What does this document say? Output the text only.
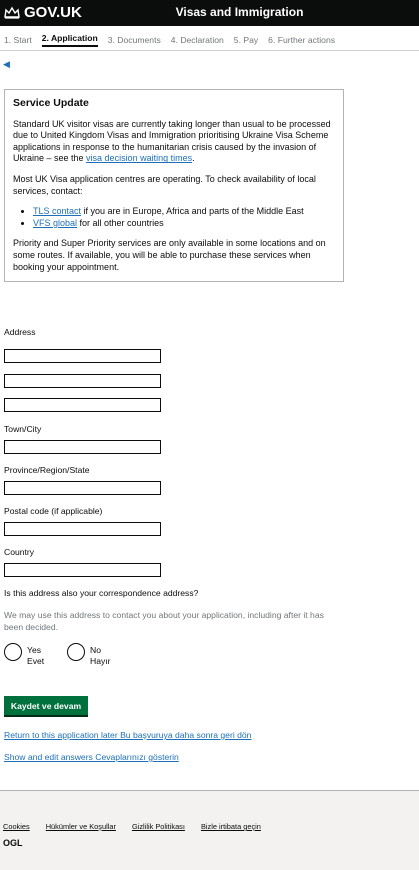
GOV.UK	Visas and Immigration
1. Start 2. Application 3. Documents 4. Declaration 5. Pay 6. Further actions
◀
Service Update

Standard UK visitor visas are currently taking longer than usual to be processed due to United Kingdom Visas and Immigration prioritising Ukraine Visa Scheme applications in response to the humanitarian crisis caused by the invasion of Ukraine – see the visa decision waiting times.

Most UK Visa application centres are operating. To check availability of local services, contact:

• TLS contact if you are in Europe, Africa and parts of the Middle East
• VFS global for all other countries

Priority and Super Priority services are only available in some locations and on some routes. If available, you will be able to purchase these services when booking your appointment.

Address
Town/City
Province/Region/State
Postal code (if applicable)
Country
Is this address also your correspondence address?
We may use this address to contact you about your application, including after it has been decided.
Yes
Evet
No
Hayır
Kaydet ve devam
Return to this application later Bu başvuruya daha sonra geri dön
Show and edit answers Cevaplarınızı gösterin
Cookies Hükümler ve Koşullar Gizlilik Politikası Bizle irtibata geçin
OGL
